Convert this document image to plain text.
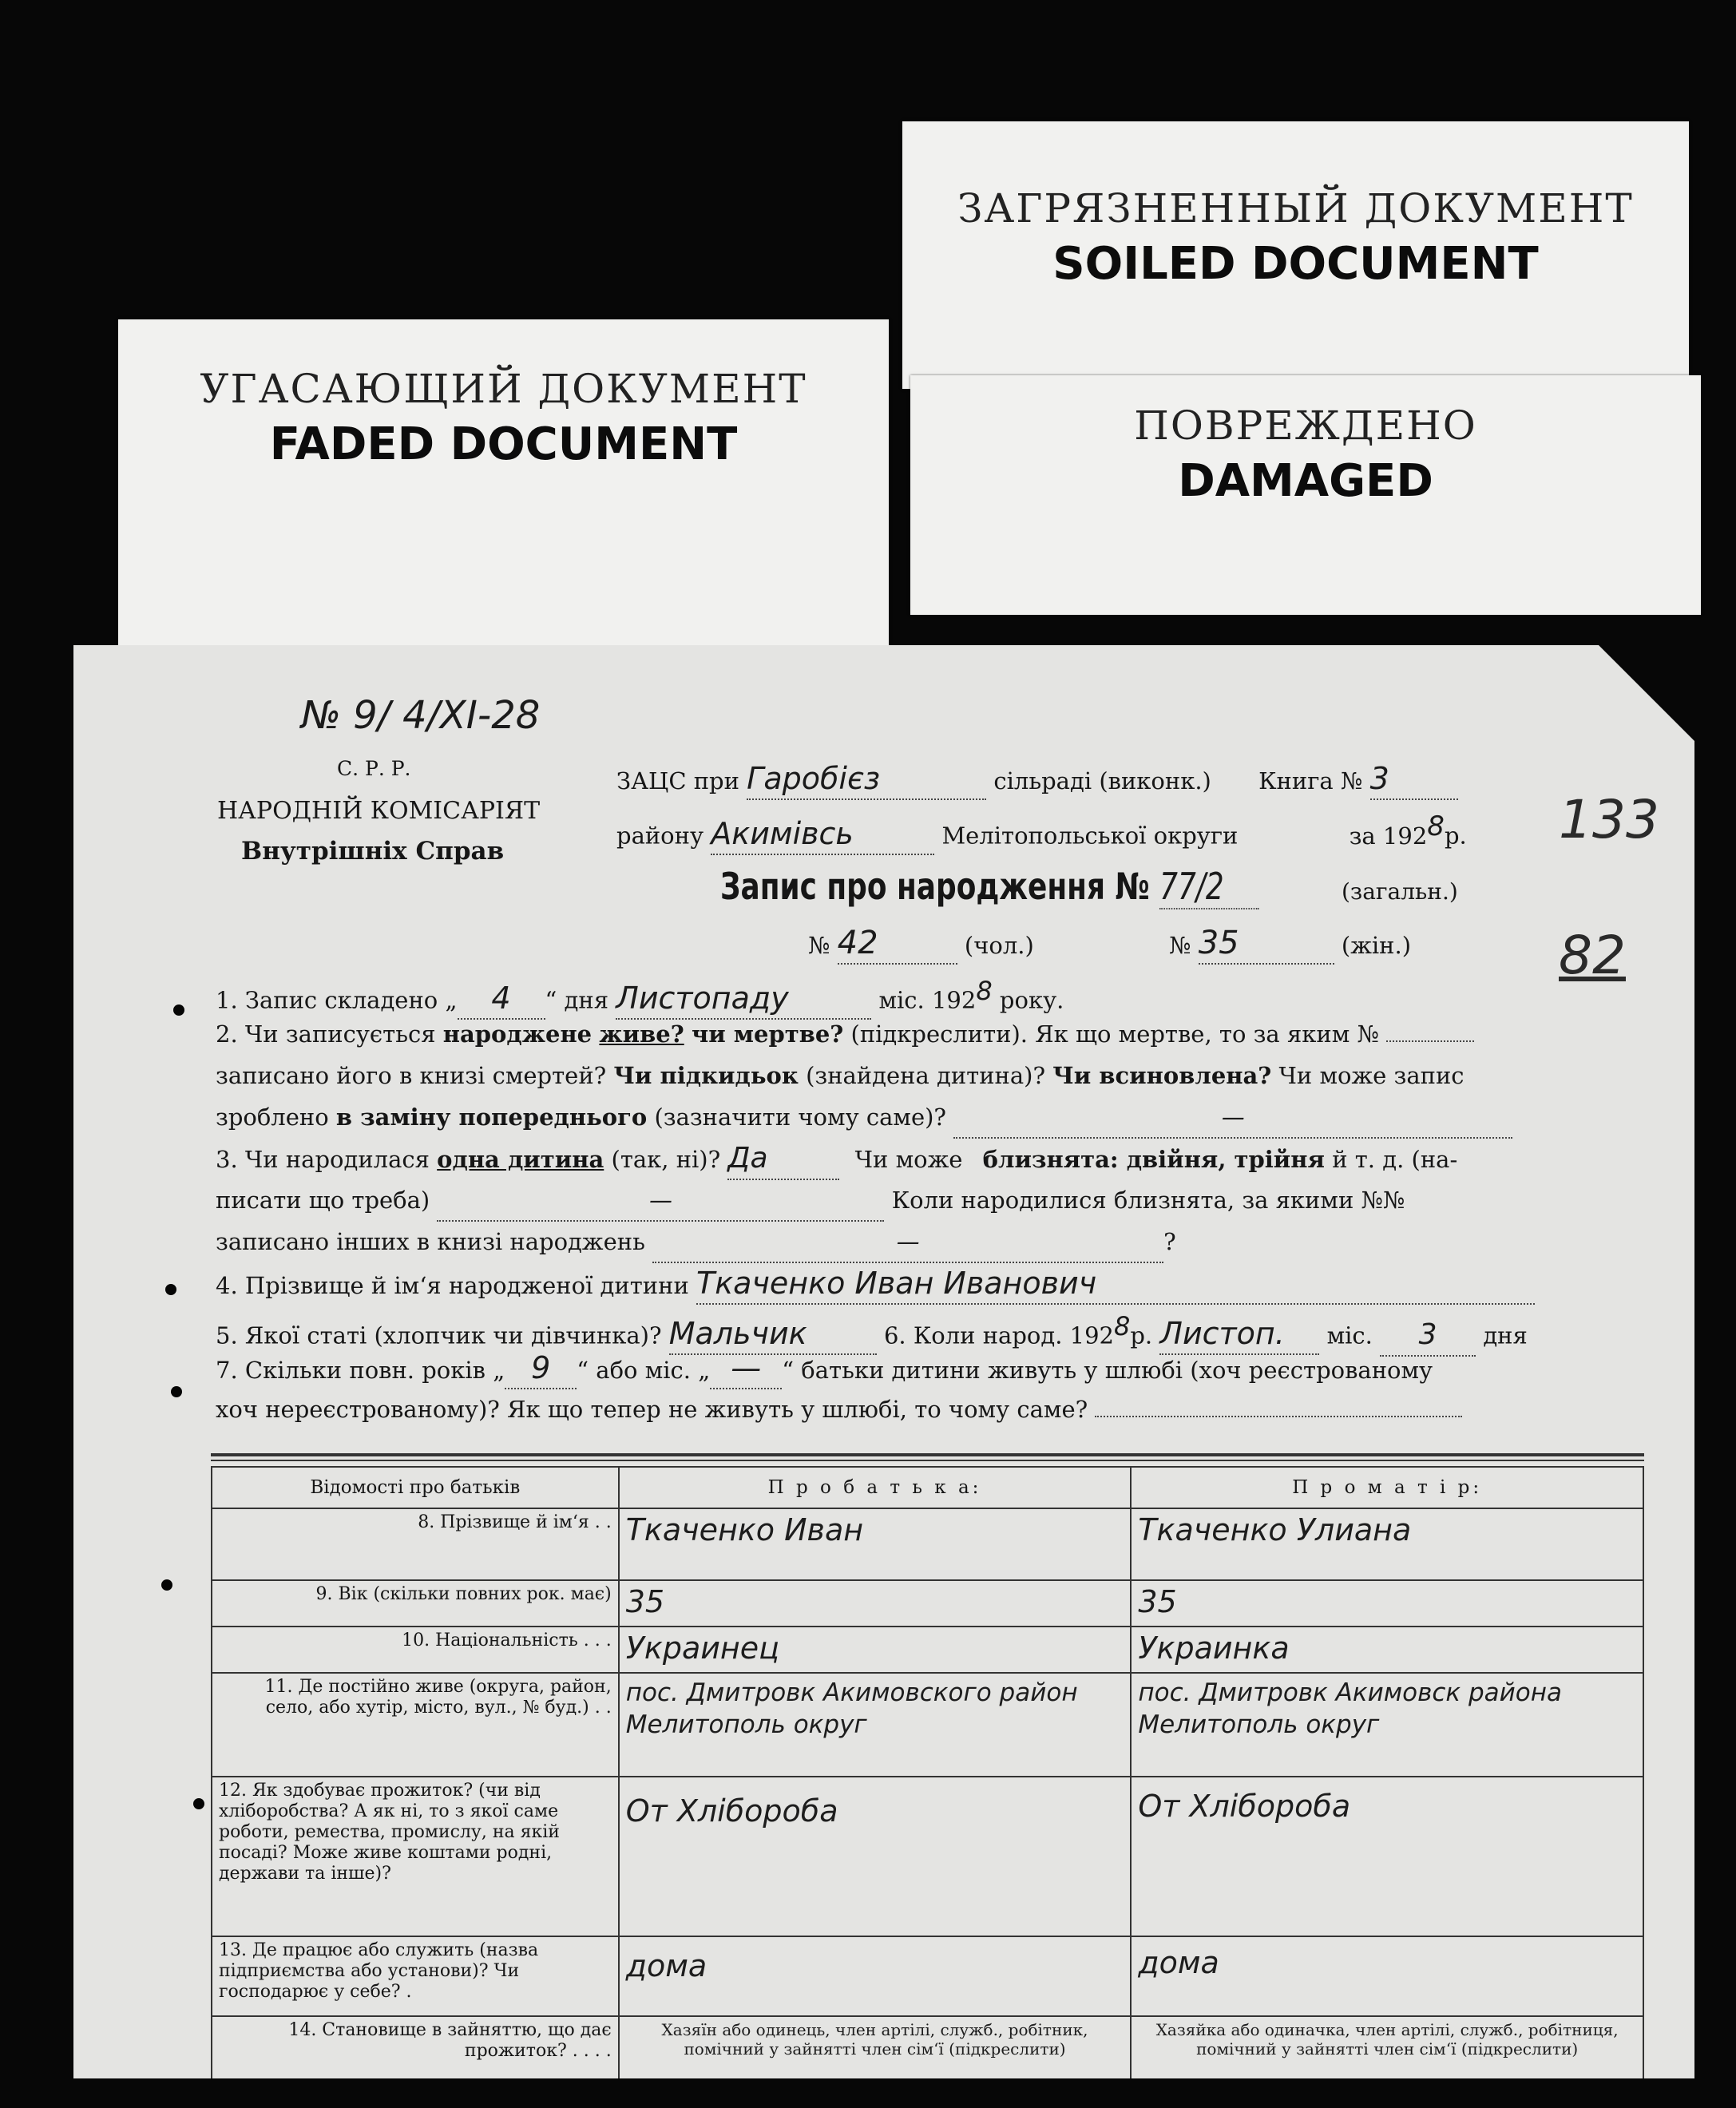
ЗАГРЯЗНЕННЫЙ ДОКУМЕНТ
SOILED DOCUMENT
УГАСАЮЩИЙ ДОКУМЕНТ
FADED DOCUMENT	ПОВРЕЖДЕНО
DAMAGED
№ 9/ 4/XI-28
С. Р. Р.
НАРОДНІЙ КОМІСАРІЯТ
Внутрішніх Справ
ЗАЦС при Гаробієз	сільраді (виконк.) Книга № 3
району Акимівсь	Мелітопольської округи	за 1928р. 133
82
Запис про народження № 77/2	(загальн.)
№ 42	(чол.)	№ 35	(жін.)
1. Запис складено „ 4 “ дня Листопаду	міс. 1928 року.
2. Чи записується народжене живе? чи мертве? (підкреслити). Як що мертве, то за яким №
записано його в книзі смертей? Чи підкидьок (знайдена дитина)? Чи всиновлена? Чи може запис
зроблено в заміну попереднього (зазначити чому саме)?	—
3. Чи народилася одна дитина (так, ні)? Да	Чи може близнята: двійня, трійня й т. д. (на-
писати що треба)	—	Коли народилися близнята, за якими №№
записано інших в книзі народжень	—	?
4. Прізвище й ім‘я народженої дитини Ткаченко Иван Иванович
5. Якої статі (хлопчик чи дівчинка)? Мальчик	6. Коли народ. 1928р. Листоп. міс. 3 дня
7. Скільки повн. років „ 9 “ або міс. „ — “ батьки дитини живуть у шлюбі (хоч реєстрованому
хоч нереєстрованому)? Як що тепер не живуть у шлюбі, то чому саме?
Відомості про батьків	П р о б а т ь к а:	П р о м а т і р:
8. Прізвище й ім‘я . .	Ткаченко Иван	Ткаченко Улиана
9. Вік (скільки повних рок. має)	35	35
10. Національність . . .	Украинец	Украинка
11. Де постійно живе (округа, район, село, або хутір, місто, вул., № буд.) . .	пос. Дмитровк Акимовского район Мелитополь округ	пос. Дмитровк Акимовск района Мелитополь округ
12. Як здобуває прожиток? (чи від хліборобства? А як ні, то з якої саме роботи, ремества, промислу, на якій посаді? Може живе коштами родні, держави та інше)?	От Хлібороба	От Хлібороба
13. Де працює або служить (назва підприємства або установи)? Чи господарює у себе? .	дома	дома
14. Становище в зайняттю, що дає прожиток? . . . .	Хазяїн або одинець, член артілі, служб., робітник, помічний у зайнятті член сім‘ї (підкреслити)	Хазяйка або одиначка, член артілі, служб., робітниця, помічний у зайнятті член сім‘ї (підкреслити)
